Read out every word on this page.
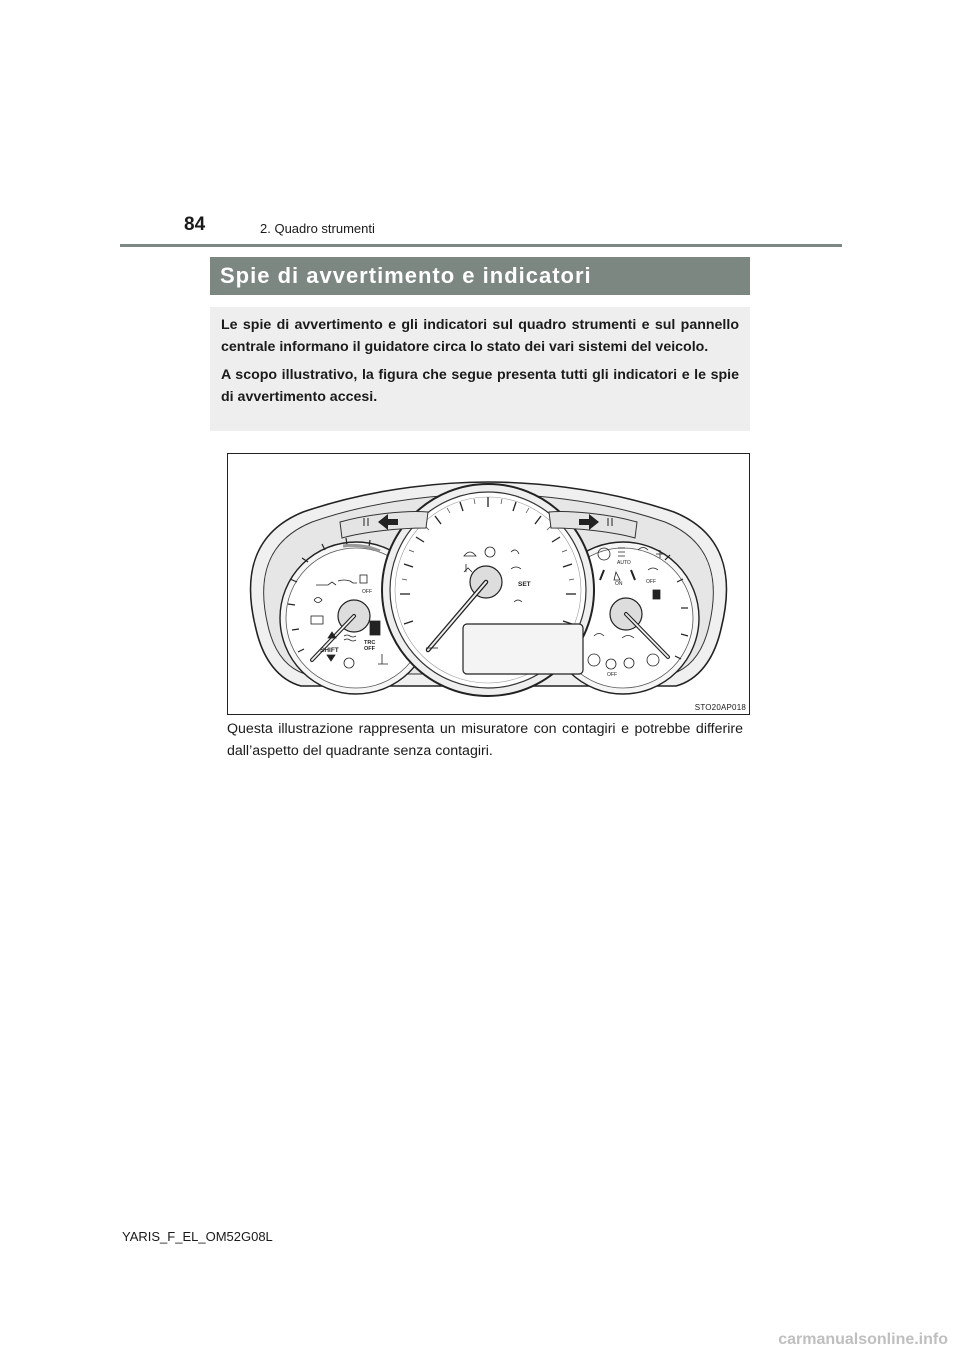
84	2. Quadro strumenti
Spie di avvertimento e indicatori

Le spie di avvertimento e gli indicatori sul quadro strumenti e sul pannello centrale informano il guidatore circa lo stato dei vari sistemi del veicolo.

A scopo illustrativo, la figura che segue presenta tutti gli indicatori e le spie di avvertimento accesi.

OFF
TRC
OFF
SHIFT
AUTO
ON	OFF
OFF
SET
STO20AP018
Questa illustrazione rappresenta un misuratore con contagiri e potrebbe differire dall’aspetto del quadrante senza contagiri.
YARIS_F_EL_OM52G08L
carmanualsonline.info
